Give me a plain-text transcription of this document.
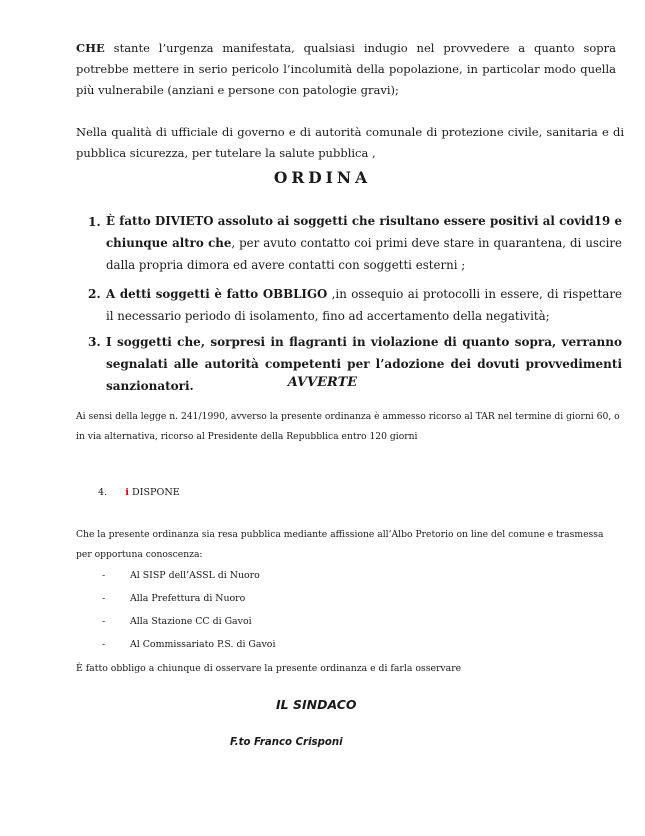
CHE stante l’urgenza manifestata, qualsiasi indugio nel provvedere a quanto sopra potrebbe mettere in serio pericolo l’incolumità della popolazione, in particolar modo quella più vulnerabile (anziani e persone con patologie gravi);
Nella qualità di ufficiale di governo e di autorità comunale di protezione civile, sanitaria e di pubblica sicurezza, per tutelare la salute pubblica ,
ORDINA
1. È fatto DIVIETO assoluto ai soggetti che risultano essere positivi al covid19 e chiunque altro che, per avuto contatto coi primi deve stare in quarantena, di uscire dalla propria dimora ed avere contatti con soggetti esterni ;
2. A detti soggetti è fatto OBBLIGO ,in ossequio ai protocolli in essere, di rispettare il necessario periodo di isolamento, fino ad accertamento della negatività;
3. I soggetti che, sorpresi in flagranti in violazione di quanto sopra, verranno segnalati alle autorità competenti per l’adozione dei dovuti provvedimenti sanzionatori.	AVVERTE
Ai sensi della legge n. 241/1990, avverso la presente ordinanza è ammesso ricorso al TAR nel termine di giorni 60, o in via alternativa, ricorso al Presidente della Repubblica entro 120 giorni
4. i DISPONE
Che la presente ordinanza sia resa pubblica mediante affissione all’Albo Pretorio on line del comune e trasmessa per opportuna conoscenza:
-	Al SISP dell’ASSL di Nuoro
-	Alla Prefettura di Nuoro
-	Alla Stazione CC di Gavoi
-	Al Commissariato P.S. di Gavoi
È fatto obbligo a chiunque di osservare la presente ordinanza e di farla osservare
IL SINDACO
F.to Franco Crisponi
